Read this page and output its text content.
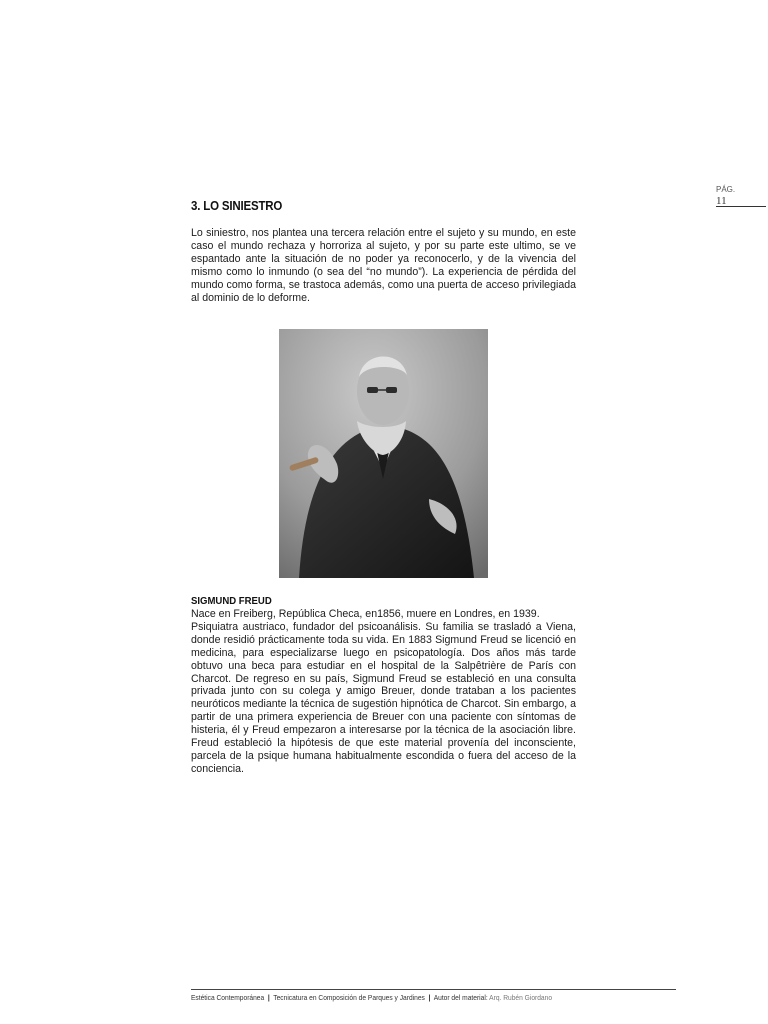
PÁG.
11
3. LO SINIESTRO

Lo siniestro, nos plantea una tercera relación entre el sujeto y su mundo, en este caso el mundo rechaza y horroriza al sujeto, y por su parte este ultimo, se ve espantado ante la situación de no poder ya reconocerlo, y de la vivencia del mismo como lo inmundo (o sea del “no mundo”). La experiencia de pérdida del mundo como forma, se trastoca además, como una puerta de acceso privilegiada al dominio de lo deforme.

SIGMUND FREUD

Nace en Freiberg, República Checa, en1856, muere en Londres, en 1939.
Psiquiatra austriaco, fundador del psicoanálisis. Su familia se trasladó a Viena, donde residió prácticamente toda su vida. En 1883 Sigmund Freud se licenció en medicina, para especializarse luego en psicopatología. Dos años más tarde obtuvo una beca para estudiar en el hospital de la Salpêtrière de París con Charcot. De regreso en su país, Sigmund Freud se estableció en una consulta privada junto con su colega y amigo Breuer, donde trataban a los pacientes neuróticos mediante la técnica de sugestión hipnótica de Charcot. Sin embargo, a partir de una primera experiencia de Breuer con una paciente con síntomas de histeria, él y Freud empezaron a interesarse por la técnica de la asociación libre. Freud estableció la hipótesis de que este material provenía del inconsciente, parcela de la psique humana habitualmente escondida o fuera del acceso de la conciencia.

Estética Contemporánea | Tecnicatura en Composición de Parques y Jardines | Autor del material: Arq. Rubén Giordano
